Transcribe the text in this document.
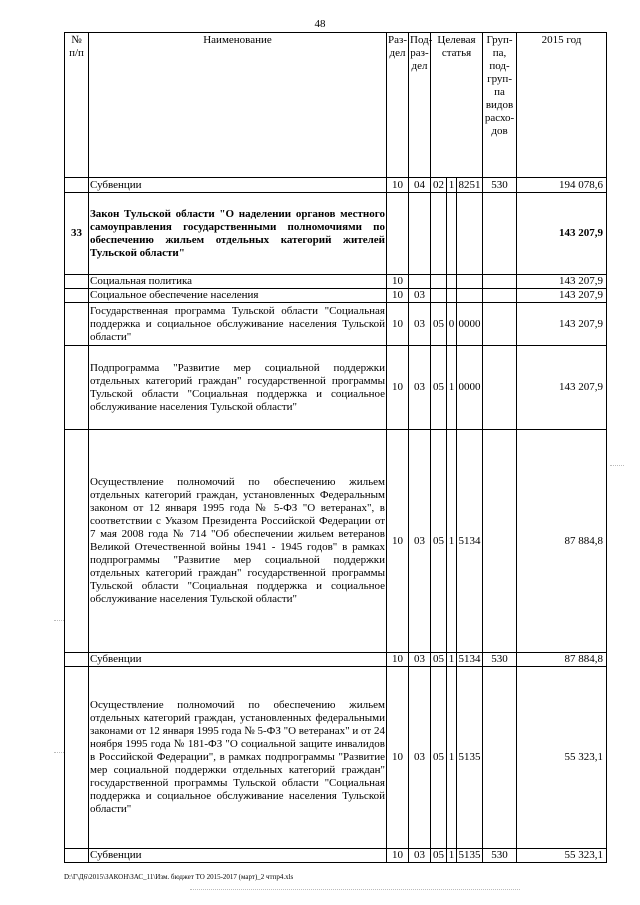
48
№ п/п	Наименование	Раз-дел	Под-раз-дел	Целевая статья			Груп-па, под-груп-па видов расхо-дов	2015 год
	Субвенции	10	04	02	1	8251	530	194 078,6
33	Закон Тульской области "О наделении органов местного самоуправления государственными полномочиями по обеспечению жильем отдельных категорий жителей Тульской области"							143 207,9
	Социальная политика	10						143 207,9
	Социальное обеспечение населения	10	03					143 207,9
	Государственная программа Тульской области "Социальная поддержка и социальное обслуживание населения Тульской области"	10	03	05	0	0000		143 207,9
	Подпрограмма "Развитие мер социальной поддержки отдельных категорий граждан" государственной программы Тульской области "Социальная поддержка и социальное обслуживание населения Тульской области"	10	03	05	1	0000		143 207,9
	Осуществление полномочий по обеспечению жильем отдельных категорий граждан, установленных Федеральным законом от 12 января 1995 года № 5-ФЗ "О ветеранах", в соответствии с Указом Президента Российской Федерации от 7 мая 2008 года № 714 "Об обеспечении жильем ветеранов Великой Отечественной войны 1941 - 1945 годов" в рамках подпрограммы "Развитие мер социальной поддержки отдельных категорий граждан" государственной программы Тульской области "Социальная поддержка и социальное обслуживание населения Тульской области"	10	03	05	1	5134		87 884,8
	Субвенции	10	03	05	1	5134	530	87 884,8
	Осуществление полномочий по обеспечению жильем отдельных категорий граждан, установленных федеральными законами от 12 января 1995 года № 5-ФЗ "О ветеранах" и от 24 ноября 1995 года № 181-ФЗ "О социальной защите инвалидов в Российской Федерации", в рамках подпрограммы "Развитие мер социальной поддержки отдельных категорий граждан" государственной программы Тульской области "Социальная поддержка и социальное обслуживание населения Тульской области"	10	03	05	1	5135		55 323,1
	Субвенции	10	03	05	1	5135	530	55 323,1
D:\Г\Д6\2015\ЗАКОН\ЗАС_11\Изм. бюджет ТО 2015-2017 (март)_2 чтпр4.xls
